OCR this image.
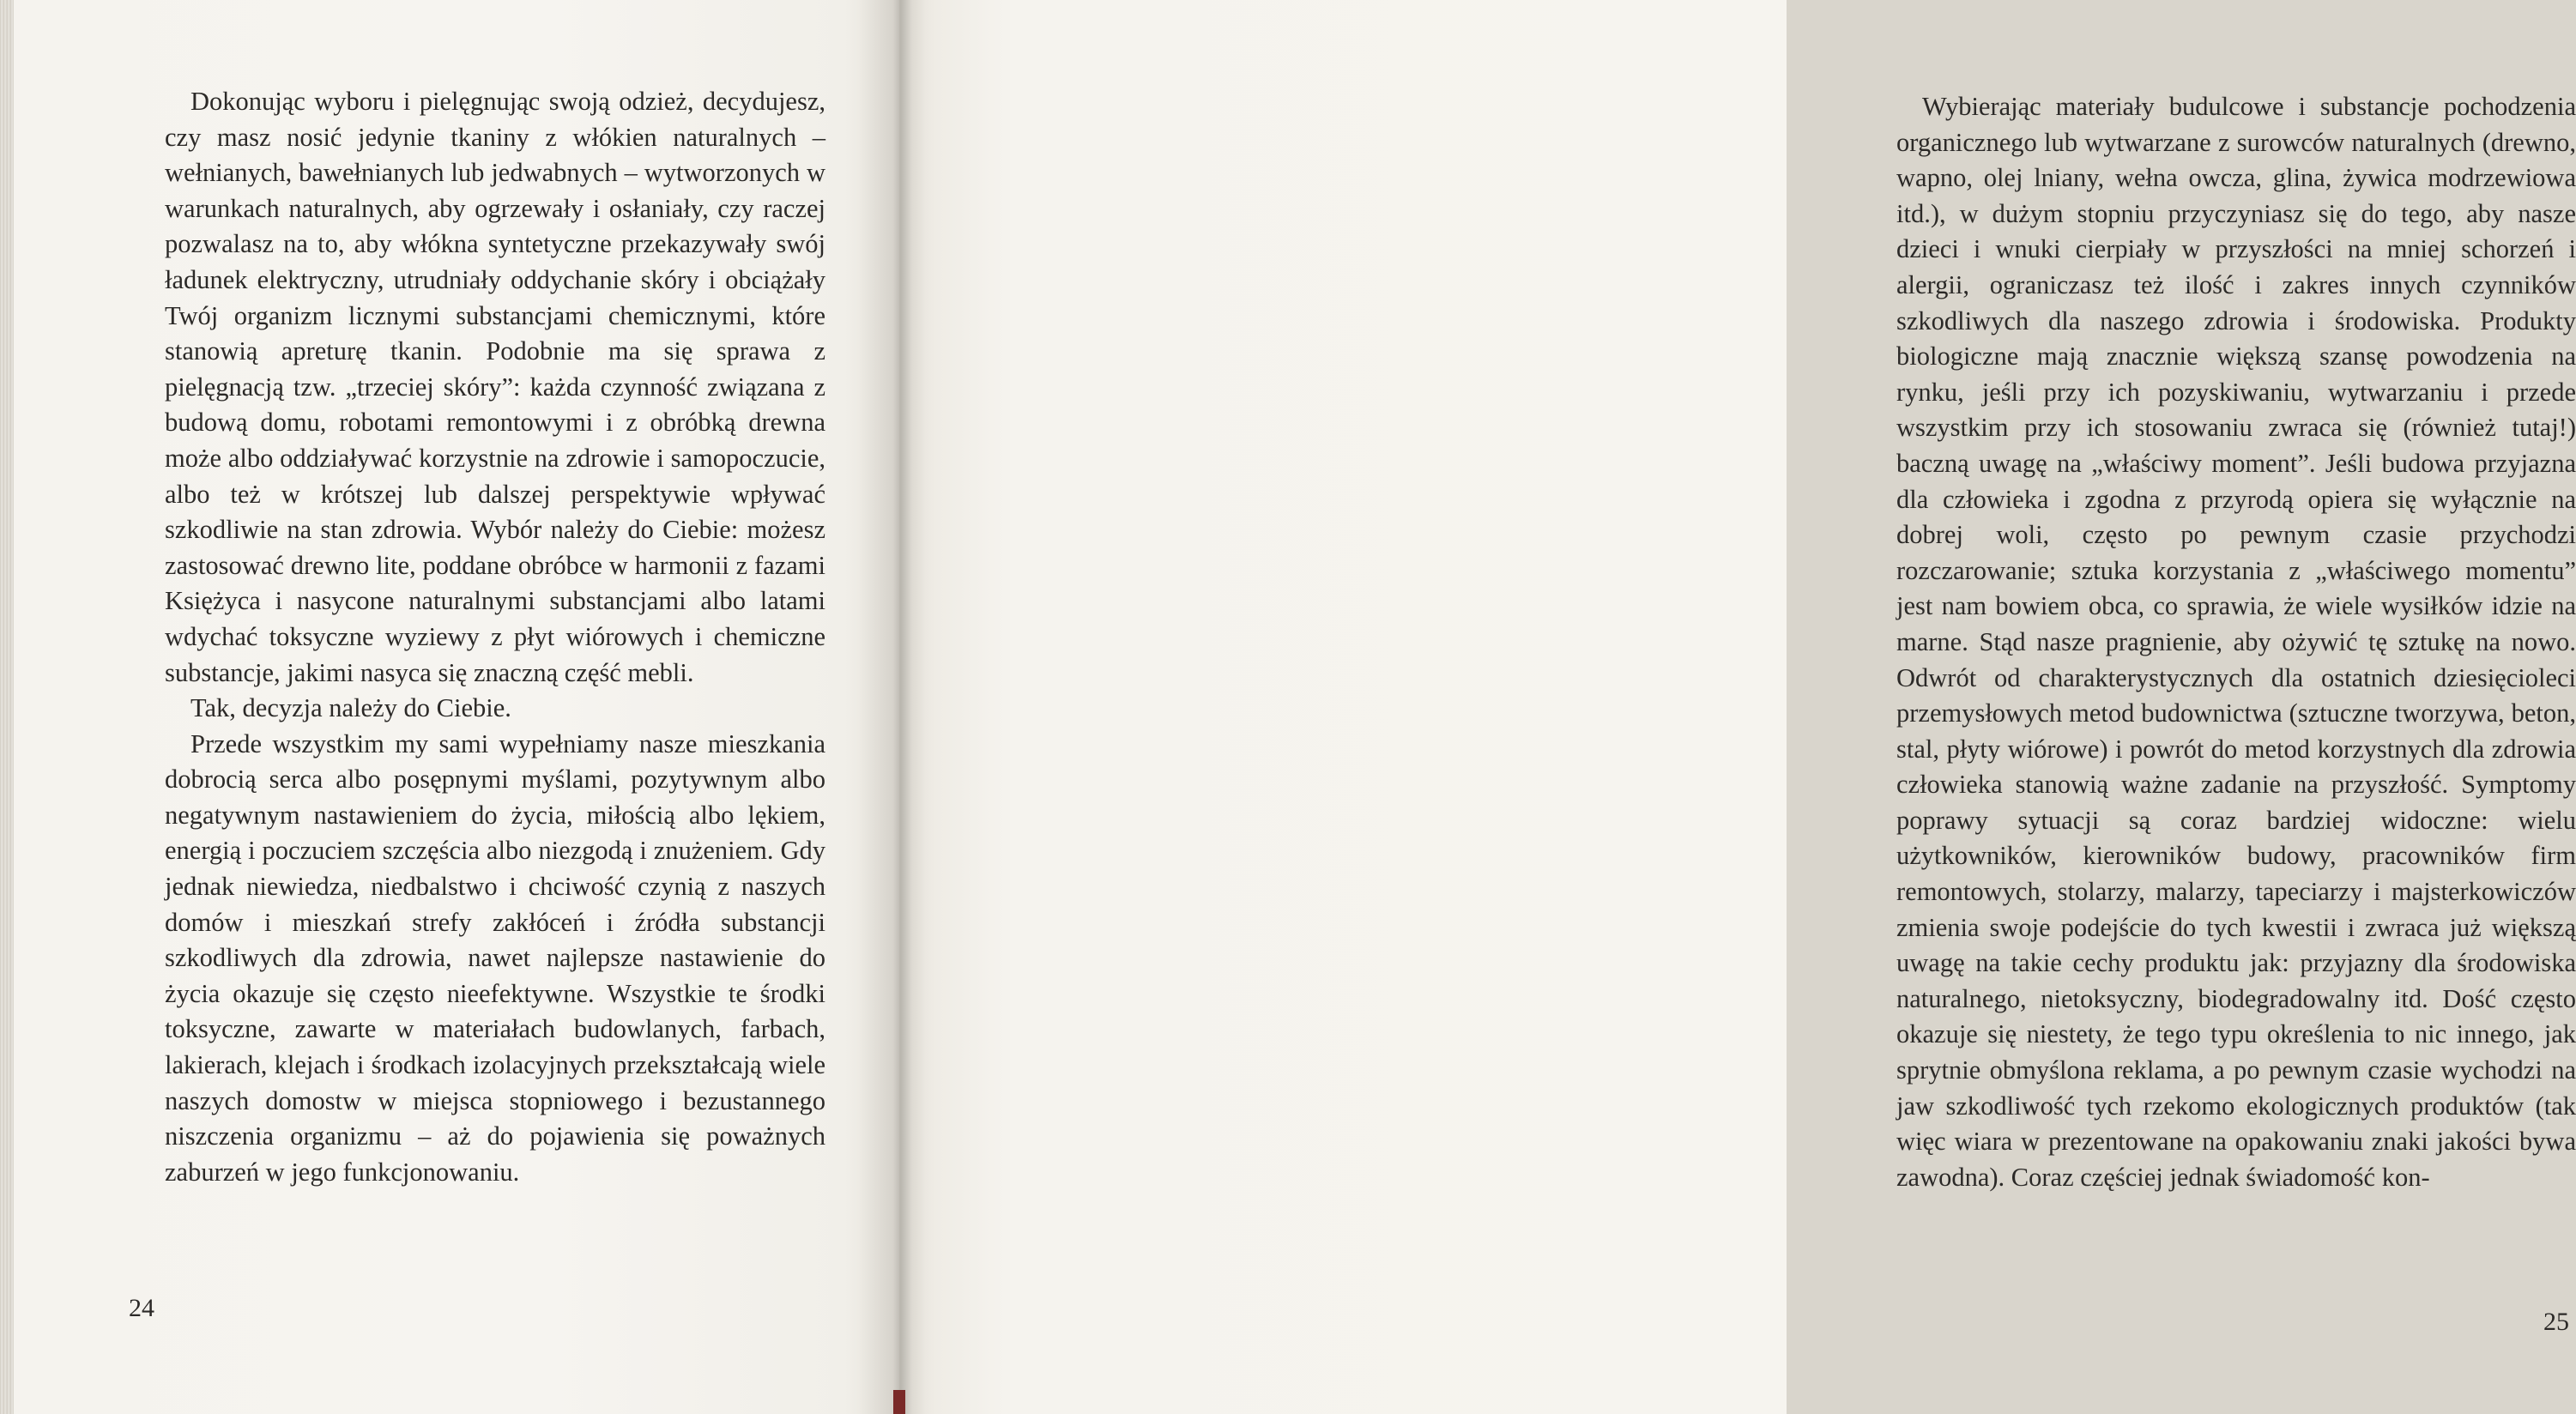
Dokonując wyboru i pielęgnując swoją odzież, decydujesz, czy masz nosić jedynie tkaniny z włókien naturalnych – wełnianych, bawełnianych lub jedwabnych – wytworzonych w warunkach naturalnych, aby ogrzewały i osłaniały, czy raczej pozwalasz na to, aby włókna syntetyczne przekazywały swój ładunek elektryczny, utrudniały oddychanie skóry i obciążały Twój organizm licznymi substancjami chemicznymi, które stanowią apreturę tkanin. Podobnie ma się sprawa z pielęgnacją tzw. „trzeciej skóry”: każda czynność związana z budową domu, robotami remontowymi i z obróbką drewna może albo oddziaływać korzystnie na zdrowie i samopoczucie, albo też w krótszej lub dalszej perspektywie wpływać szkodliwie na stan zdrowia. Wybór należy do Ciebie: możesz zastosować drewno lite, poddane obróbce w harmonii z fazami Księżyca i nasycone naturalnymi substancjami albo latami wdychać toksyczne wyziewy z płyt wiórowych i chemiczne substancje, jakimi nasyca się znaczną część mebli.

Tak, decyzja należy do Ciebie.

Przede wszystkim my sami wypełniamy nasze mieszkania dobrocią serca albo posępnymi myślami, pozytywnym albo negatywnym nastawieniem do życia, miłością albo lękiem, energią i poczuciem szczęścia albo niezgodą i znużeniem. Gdy jednak niewiedza, niedbalstwo i chciwość czynią z naszych domów i mieszkań strefy zakłóceń i źródła substancji szkodliwych dla zdrowia, nawet najlepsze nastawienie do życia okazuje się często nieefektywne. Wszystkie te środki toksyczne, zawarte w materiałach budowlanych, farbach, lakierach, klejach i środkach izolacyjnych przekształcają wiele naszych domostw w miejsca stopniowego i bezustannego niszczenia organizmu – aż do pojawienia się poważnych zaburzeń w jego funkcjonowaniu.

24

Wybierając materiały budulcowe i substancje pochodzenia organicznego lub wytwarzane z surowców naturalnych (drewno, wapno, olej lniany, wełna owcza, glina, żywica modrzewiowa itd.), w dużym stopniu przyczyniasz się do tego, aby nasze dzieci i wnuki cierpiały w przyszłości na mniej schorzeń i alergii, ograniczasz też ilość i zakres innych czynników szkodliwych dla naszego zdrowia i środowiska. Produkty biologiczne mają znacznie większą szansę powodzenia na rynku, jeśli przy ich pozyskiwaniu, wytwarzaniu i przede wszystkim przy ich stosowaniu zwraca się (również tutaj!) baczną uwagę na „właściwy moment”. Jeśli budowa przyjazna dla człowieka i zgodna z przyrodą opiera się wyłącznie na dobrej woli, często po pewnym czasie przychodzi rozczarowanie; sztuka korzystania z „właściwego momentu” jest nam bowiem obca, co sprawia, że wiele wysiłków idzie na marne. Stąd nasze pragnienie, aby ożywić tę sztukę na nowo. Odwrót od charakterystycznych dla ostatnich dziesięcioleci przemysłowych metod budownictwa (sztuczne tworzywa, beton, stal, płyty wiórowe) i powrót do metod korzystnych dla zdrowia człowieka stanowią ważne zadanie na przyszłość. Symptomy poprawy sytuacji są coraz bardziej widoczne: wielu użytkowników, kierowników budowy, pracowników firm remontowych, stolarzy, malarzy, tapeciarzy i majsterkowiczów zmienia swoje podejście do tych kwestii i zwraca już większą uwagę na takie cechy produktu jak: przyjazny dla środowiska naturalnego, nietoksyczny, biodegradowalny itd. Dość często okazuje się niestety, że tego typu określenia to nic innego, jak sprytnie obmyślona reklama, a po pewnym czasie wychodzi na jaw szkodliwość tych rzekomo ekologicznych produktów (tak więc wiara w prezentowane na opakowaniu znaki jakości bywa zawodna). Coraz częściej jednak świadomość kon-

25
